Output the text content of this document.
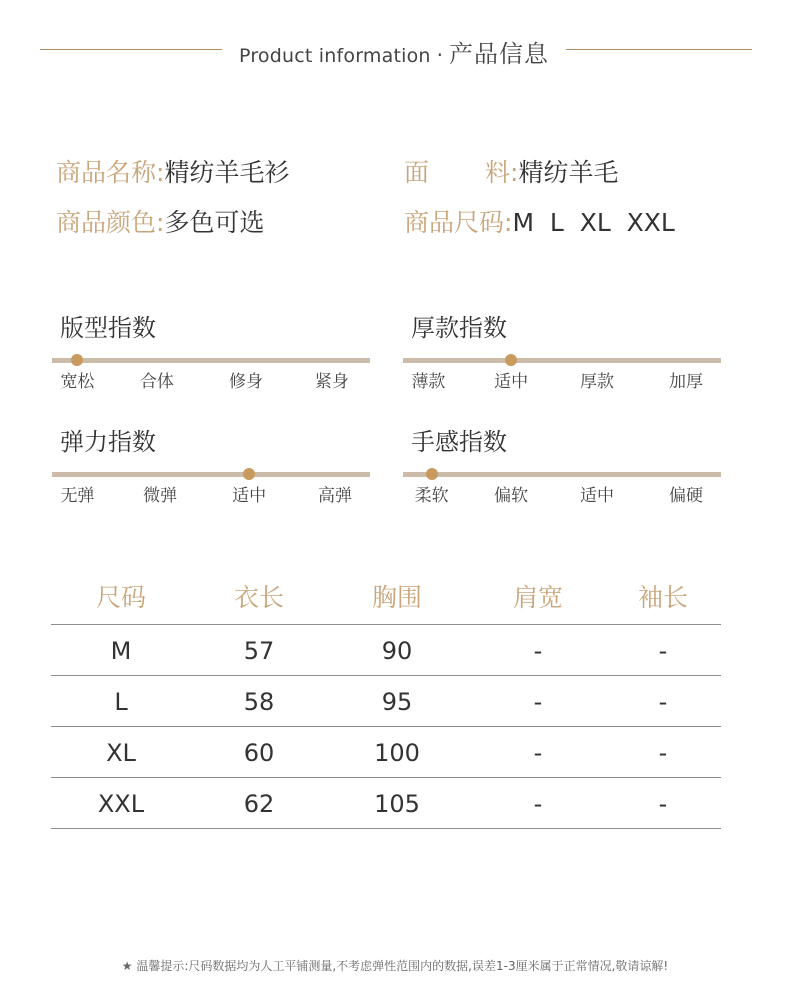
Product information · 产品信息
商品名称:精纺羊毛衫	面 料:精纺羊毛
商品颜色:多色可选	商品尺码:M  L  XL  XXL
版型指数
宽松	合体	修身	紧身
厚款指数
薄款	适中	厚款	加厚
弹力指数
无弹	微弹	适中	高弹
手感指数
柔软	偏软	适中	偏硬
尺码	衣长	胸围	肩宽	袖长
M	57	90	-	-
L	58	95	-	-
XL	60	100	-	-
XXL	62	105	-	-
★ 温馨提示:尺码数据均为人工平铺测量,不考虑弹性范围内的数据,误差1-3厘米属于正常情况,敬请谅解!
